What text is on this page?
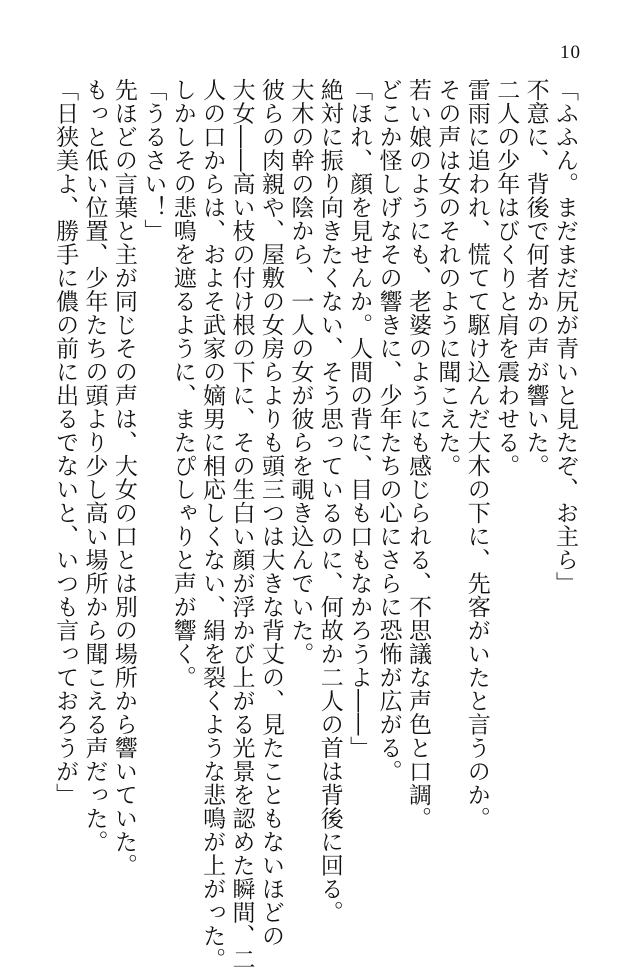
10
「ふふん。まだまだ尻が青いと見たぞ、お主ら」
不意に、背後で何者かの声が響いた。
二人の少年はびくりと肩を震わせる。
雷雨に追われ、慌てて駆け込んだ大木の下に、先客がいたと言うのか。
その声は女のそれのように聞こえた。
若い娘のようにも、老婆のようにも感じられる、不思議な声色と口調。
どこか怪しげなその響きに、少年たちの心にさらに恐怖が広がる。
「ほれ、顔を見せんか。人間の背に、目も口もなかろうよ――」
絶対に振り向きたくない、そう思っているのに、何故か二人の首は背後に回る。
大木の幹の陰から、一人の女が彼らを覗き込んでいた。
彼らの肉親や、屋敷の女房らよりも頭三つは大きな背丈の、見たこともないほどの
大女――高い枝の付け根の下に、その生白い顔が浮かび上がる光景を認めた瞬間、二
人の口からは、およそ武家の嫡男に相応しくない、絹を裂くような悲鳴が上がった。
しかしその悲鳴を遮るように、またぴしゃりと声が響く。
「うるさい！」
先ほどの言葉と主が同じその声は、大女の口とは別の場所から響いていた。
もっと低い位置、少年たちの頭より少し高い場所から聞こえる声だった。
「日狭美よ、勝手に儂の前に出るでないと、いつも言っておろうが」
